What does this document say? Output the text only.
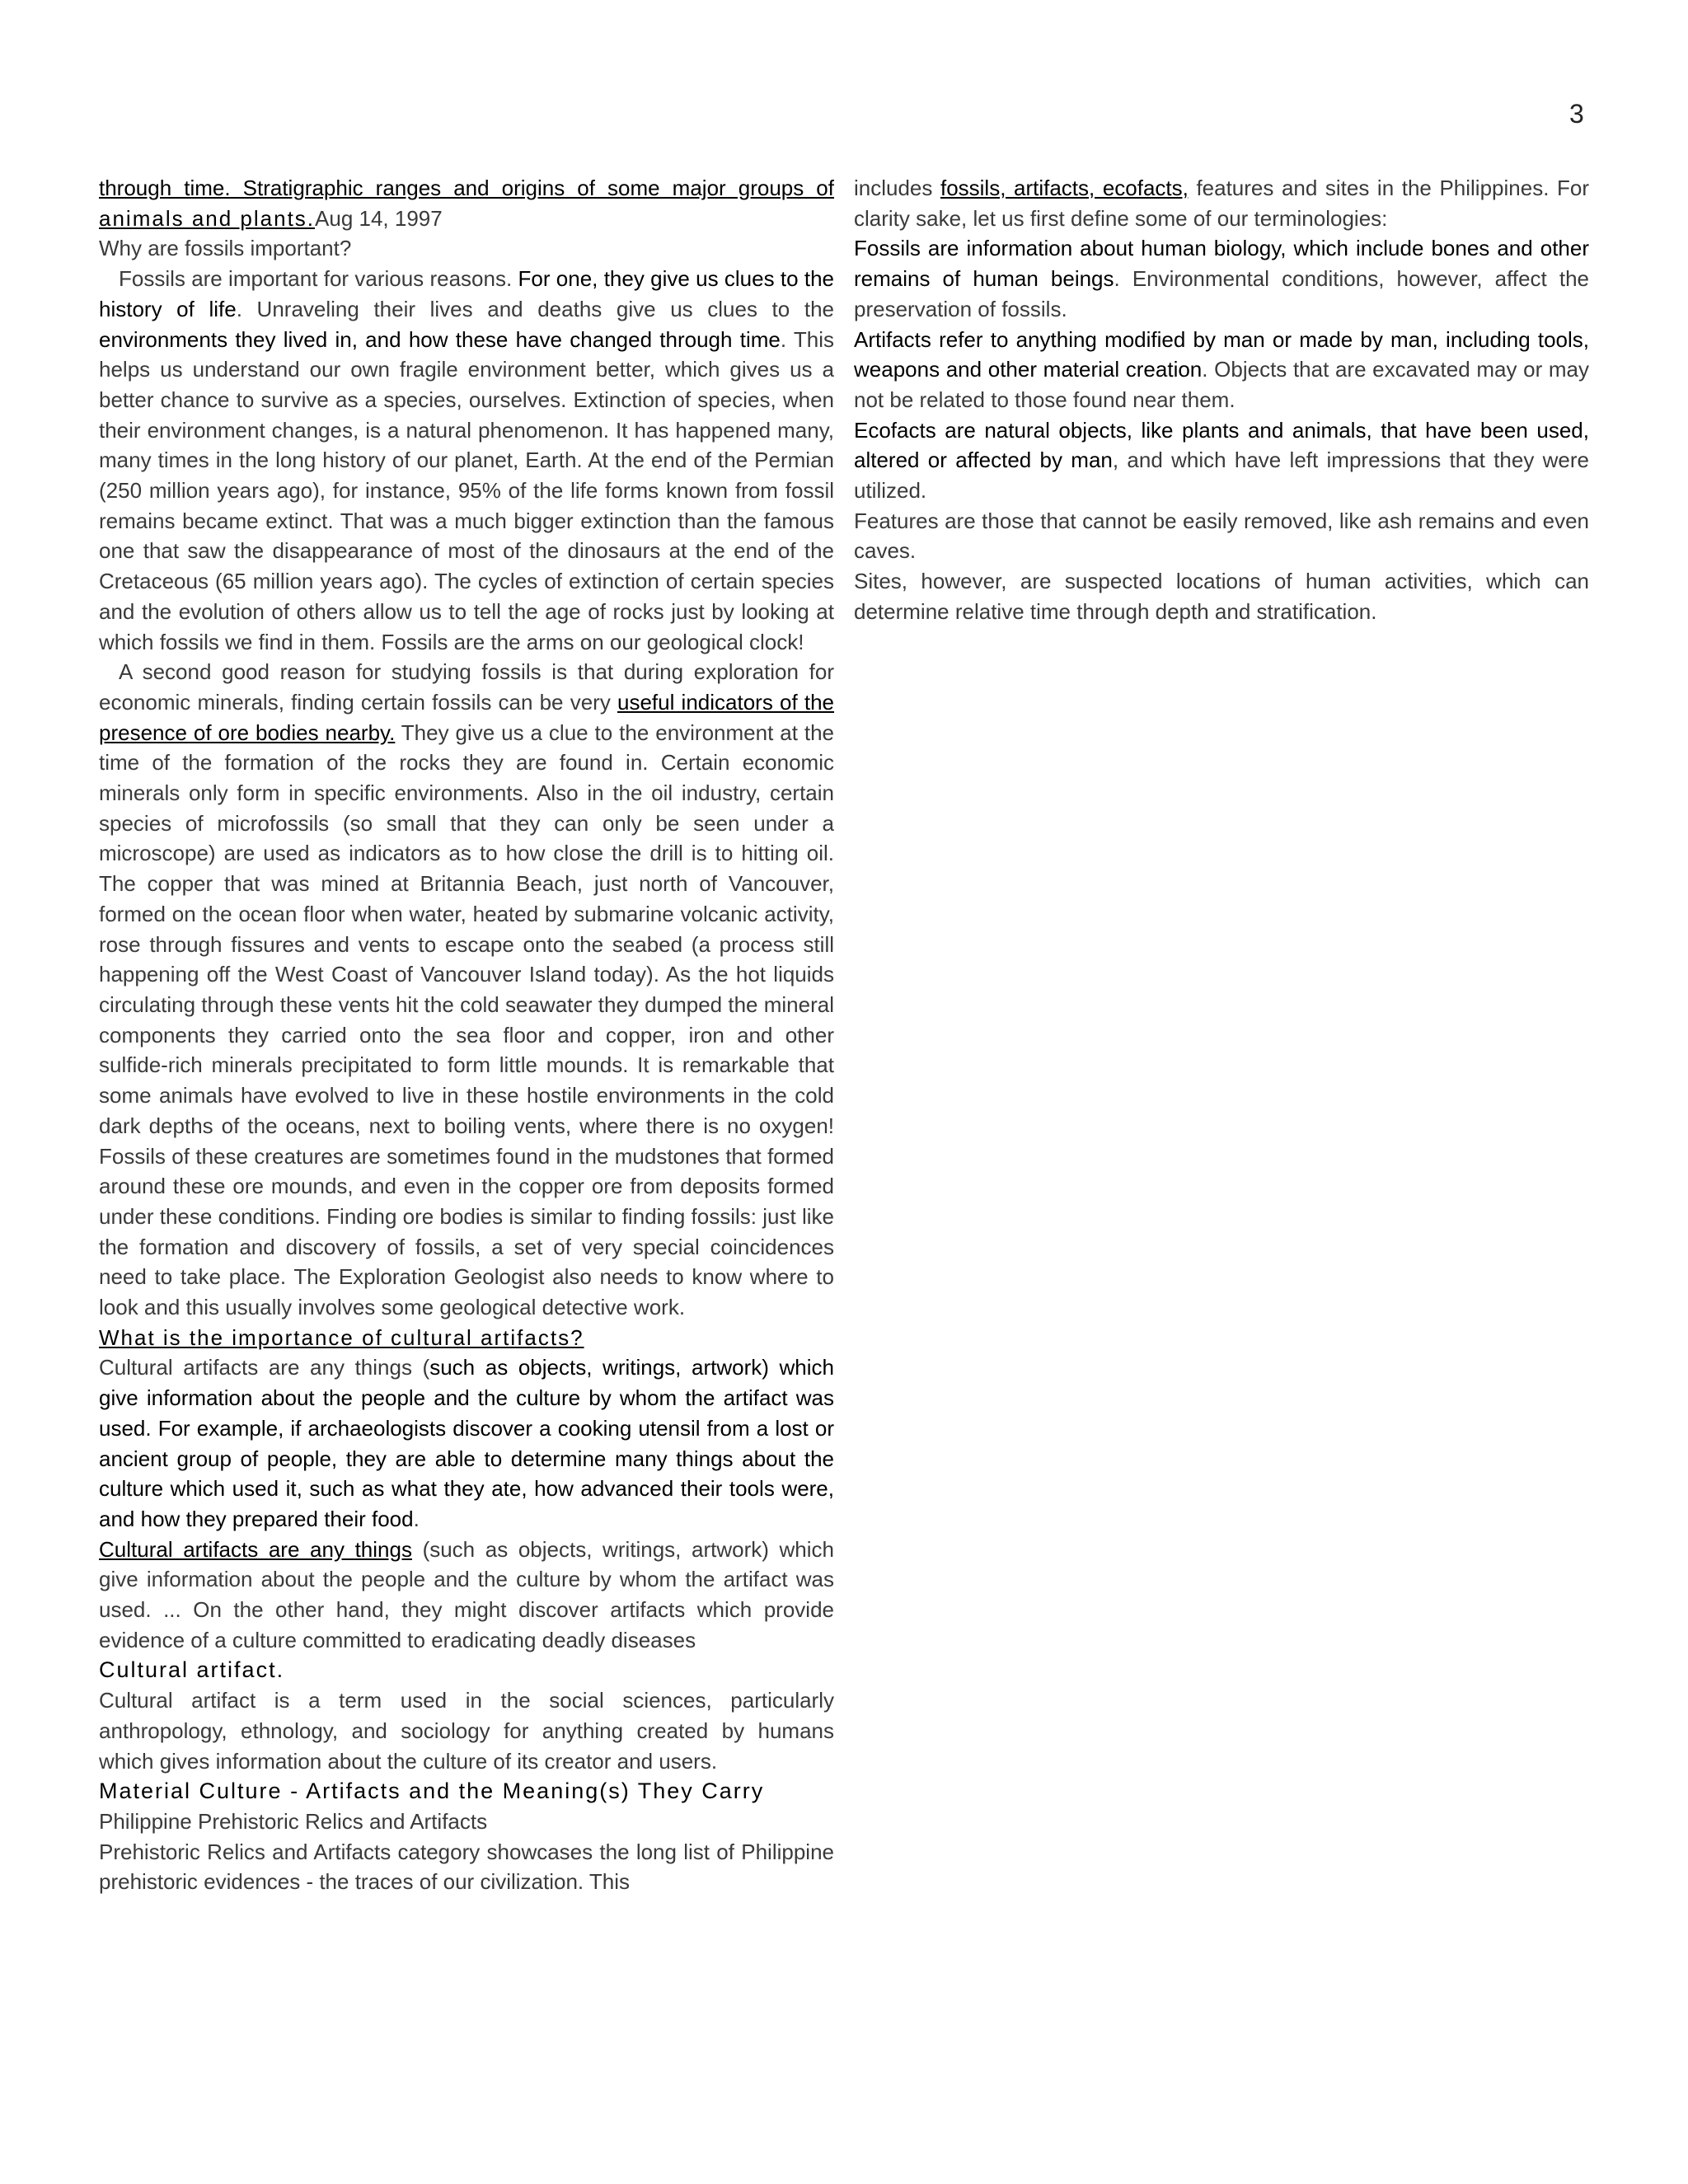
3

through time. Stratigraphic ranges and origins of some major groups of animals and plants.Aug 14, 1997

Why are fossils important?

Fossils are important for various reasons. For one, they give us clues to the history of life. Unraveling their lives and deaths give us clues to the environments they lived in, and how these have changed through time. This helps us understand our own fragile environment better, which gives us a better chance to survive as a species, ourselves. Extinction of species, when their environment changes, is a natural phenomenon. It has happened many, many times in the long history of our planet, Earth. At the end of the Permian (250 million years ago), for instance, 95% of the life forms known from fossil remains became extinct. That was a much bigger extinction than the famous one that saw the disappearance of most of the dinosaurs at the end of the Cretaceous (65 million years ago). The cycles of extinction of certain species and the evolution of others allow us to tell the age of rocks just by looking at which fossils we find in them. Fossils are the arms on our geological clock!

A second good reason for studying fossils is that during exploration for economic minerals, finding certain fossils can be very useful indicators of the presence of ore bodies nearby. They give us a clue to the environment at the time of the formation of the rocks they are found in. Certain economic minerals only form in specific environments. Also in the oil industry, certain species of microfossils (so small that they can only be seen under a microscope) are used as indicators as to how close the drill is to hitting oil. The copper that was mined at Britannia Beach, just north of Vancouver, formed on the ocean floor when water, heated by submarine volcanic activity, rose through fissures and vents to escape onto the seabed (a process still happening off the West Coast of Vancouver Island today). As the hot liquids circulating through these vents hit the cold seawater they dumped the mineral components they carried onto the sea floor and copper, iron and other sulfide-rich minerals precipitated to form little mounds. It is remarkable that some animals have evolved to live in these hostile environments in the cold dark depths of the oceans, next to boiling vents, where there is no oxygen! Fossils of these creatures are sometimes found in the mudstones that formed around these ore mounds, and even in the copper ore from deposits formed under these conditions. Finding ore bodies is similar to finding fossils: just like the formation and discovery of fossils, a set of very special coincidences need to take place. The Exploration Geologist also needs to know where to look and this usually involves some geological detective work.

What is the importance of cultural artifacts?

Cultural artifacts are any things (such as objects, writings, artwork) which give information about the people and the culture by whom the artifact was used. For example, if archaeologists discover a cooking utensil from a lost or ancient group of people, they are able to determine many things about the culture which used it, such as what they ate, how advanced their tools were, and how they prepared their food.

Cultural artifacts are any things (such as objects, writings, artwork) which give information about the people and the culture by whom the artifact was used. ... On the other hand, they might discover artifacts which provide evidence of a culture committed to eradicating deadly diseases

Cultural artifact.

Cultural artifact is a term used in the social sciences, particularly anthropology, ethnology, and sociology for anything created by humans which gives information about the culture of its creator and users.

Material Culture - Artifacts and the Meaning(s) They Carry

Philippine Prehistoric Relics and Artifacts

Prehistoric Relics and Artifacts category showcases the long list of Philippine prehistoric evidences - the traces of our civilization. This

includes fossils, artifacts, ecofacts, features and sites in the Philippines. For clarity sake, let us first define some of our terminologies:

Fossils are information about human biology, which include bones and other remains of human beings. Environmental conditions, however, affect the preservation of fossils.

Artifacts refer to anything modified by man or made by man, including tools, weapons and other material creation. Objects that are excavated may or may not be related to those found near them.

Ecofacts are natural objects, like plants and animals, that have been used, altered or affected by man, and which have left impressions that they were utilized.

Features are those that cannot be easily removed, like ash remains and even caves.

Sites, however, are suspected locations of human activities, which can determine relative time through depth and stratification.
